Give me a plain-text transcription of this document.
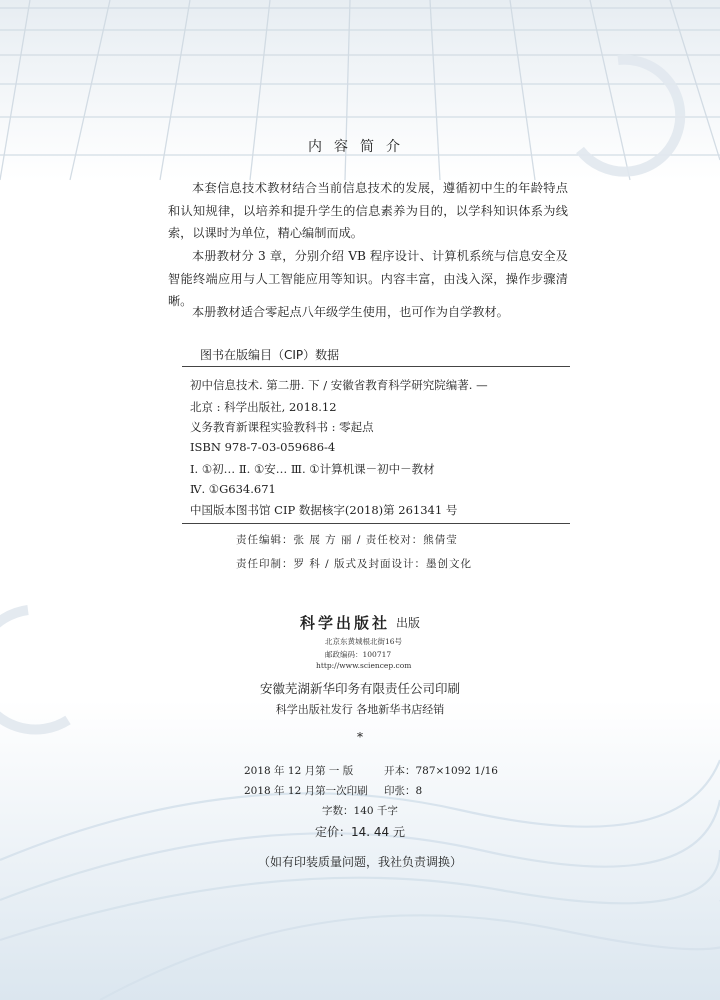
内容简介
本套信息技术教材结合当前信息技术的发展，遵循初中生的年龄特点和认知规律，以培养和提升学生的信息素养为目的，以学科知识体系为线索，以课时为单位，精心编制而成。
本册教材分 3 章，分别介绍 VB 程序设计、计算机系统与信息安全及智能终端应用与人工智能应用等知识。内容丰富，由浅入深，操作步骤清晰。
本册教材适合零起点八年级学生使用，也可作为自学教材。
图书在版编目（CIP）数据
初中信息技术. 第二册. 下 / 安徽省教育科学研究院编著. —
北京 : 科学出版社, 2018.12
义务教育新课程实验教科书 : 零起点
ISBN 978-7-03-059686-4
Ⅰ. ①初… Ⅱ. ①安… Ⅲ. ①计算机课－初中－教材
Ⅳ. ①G634.671
中国版本图书馆 CIP 数据核字(2018)第 261341 号
责任编辑：张 展 方 丽 / 责任校对：熊倩莹
责任印制：罗 科 / 版式及封面设计：墨创文化
科学出版社 出版
北京东黄城根北街16号
邮政编码：100717
http://www.sciencep.com
安徽芜湖新华印务有限责任公司印刷
科学出版社发行 各地新华书店经销
*
2018 年 12 月第 一 版	开本：787×1092 1/16
2018 年 12 月第一次印刷 印张：8
字数：140 千字
定价：14. 44 元
（如有印装质量问题，我社负责调换）
